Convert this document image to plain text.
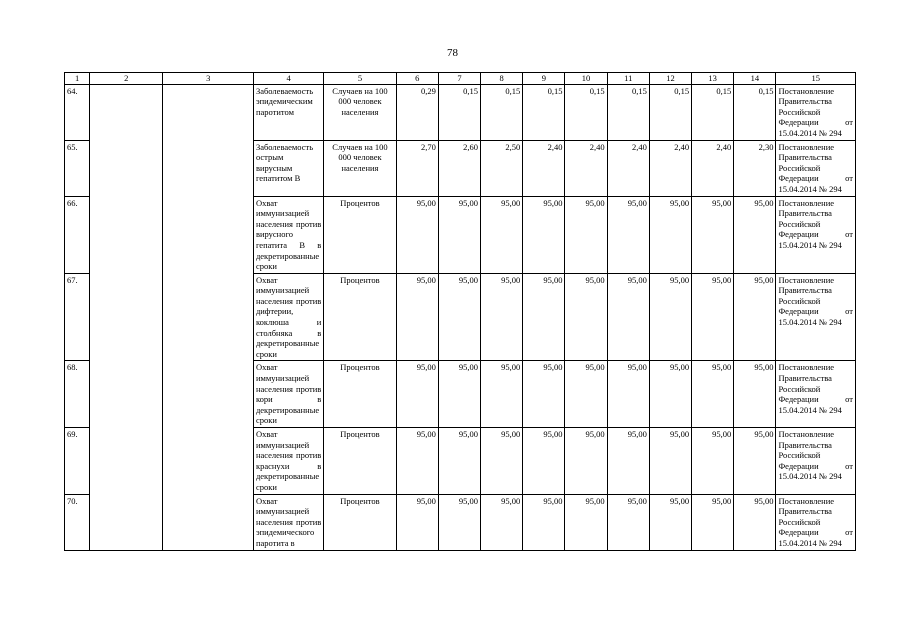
78
1	2	3	4	5	6	7	8	9	10	11	12	13	14	15
64.			Заболеваемость эпидемическим паротитом	Случаев на 100 000 человек населения	0,29	0,15	0,15	0,15	0,15	0,15	0,15	0,15	0,15	Постановление Правительства Российской Федерации от 15.04.2014 № 294
65.			Заболеваемость острым вирусным гепатитом В	Случаев на 100 000 человек населения	2,70	2,60	2,50	2,40	2,40	2,40	2,40	2,40	2,30	Постановление Правительства Российской Федерации от 15.04.2014 № 294
66.			Охват иммунизацией населения против вирусного гепатита В в декретированные сроки	Процентов	95,00	95,00	95,00	95,00	95,00	95,00	95,00	95,00	95,00	Постановление Правительства Российской Федерации от 15.04.2014 № 294
67.			Охват иммунизацией населения против дифтерии, коклюша и столбняка в декретированные сроки	Процентов	95,00	95,00	95,00	95,00	95,00	95,00	95,00	95,00	95,00	Постановление Правительства Российской Федерации от 15.04.2014 № 294
68.			Охват иммунизацией населения против кори в декретированные сроки	Процентов	95,00	95,00	95,00	95,00	95,00	95,00	95,00	95,00	95,00	Постановление Правительства Российской Федерации от 15.04.2014 № 294
69.			Охват иммунизацией населения против краснухи в декретированные сроки	Процентов	95,00	95,00	95,00	95,00	95,00	95,00	95,00	95,00	95,00	Постановление Правительства Российской Федерации от 15.04.2014 № 294
70.			Охват иммунизацией населения против эпидемического паротита в	Процентов	95,00	95,00	95,00	95,00	95,00	95,00	95,00	95,00	95,00	Постановление Правительства Российской Федерации от 15.04.2014 № 294
